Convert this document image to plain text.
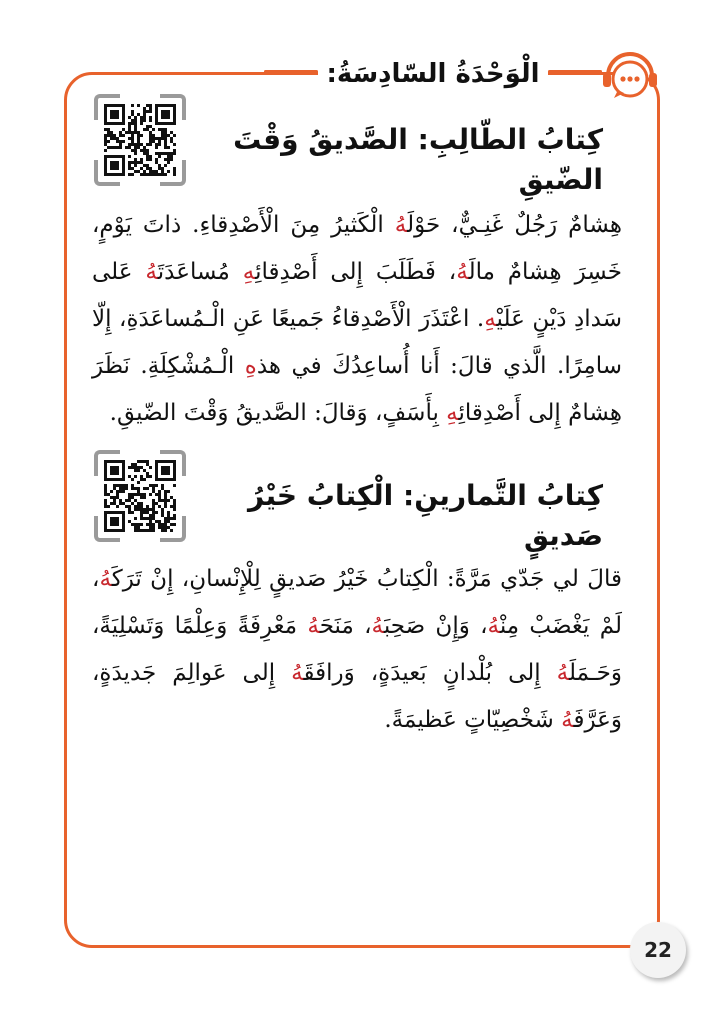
الْوَحْدَةُ السّادِسَةُ:
كِتابُ الطّالِبِ: الصَّديقُ وَقْتَ الضّيقِ
هِشامٌ رَجُلٌ غَنِـيٌّ، حَوْلَهُ الْكَثيرُ مِنَ الْأَصْدِقاءِ. ذاتَ يَوْمٍ، خَسِرَ هِشامٌ مالَهُ، فَطَلَبَ إِلى أَصْدِقائِهِ مُساعَدَتَهُ عَلى سَدادِ دَيْنٍ عَلَيْهِ. اعْتَذَرَ الْأَصْدِقاءُ جَميعًا عَنِ الْـمُساعَدَةِ، إِلّا سامِرًا. الَّذي قالَ: أَنا أُساعِدُكَ في هذهِ الْـمُشْكِلَةِ. نَظَرَ هِشامٌ إِلى أَصْدِقائِهِ بِأَسَفٍ، وَقالَ: الصَّديقُ وَقْتَ الضّيقِ.
كِتابُ التَّمارينِ: الْكِتابُ خَيْرُ صَديقٍ
قالَ لي جَدّي مَرَّةً: الْكِتابُ خَيْرُ صَديقٍ لِلْإِنْسانِ، إِنْ تَرَكَهُ، لَمْ يَغْضَبْ مِنْهُ، وَإِنْ صَحِبَهُ، مَنَحَهُ مَعْرِفَةً وَعِلْمًا وَتَسْلِيَةً، وَحَـمَلَهُ إِلى بُلْدانٍ بَعيدَةٍ، وَرافَقَهُ إِلى عَوالِمَ جَديدَةٍ، وَعَرَّفَهُ شَخْصِيّاتٍ عَظيمَةً.
22
